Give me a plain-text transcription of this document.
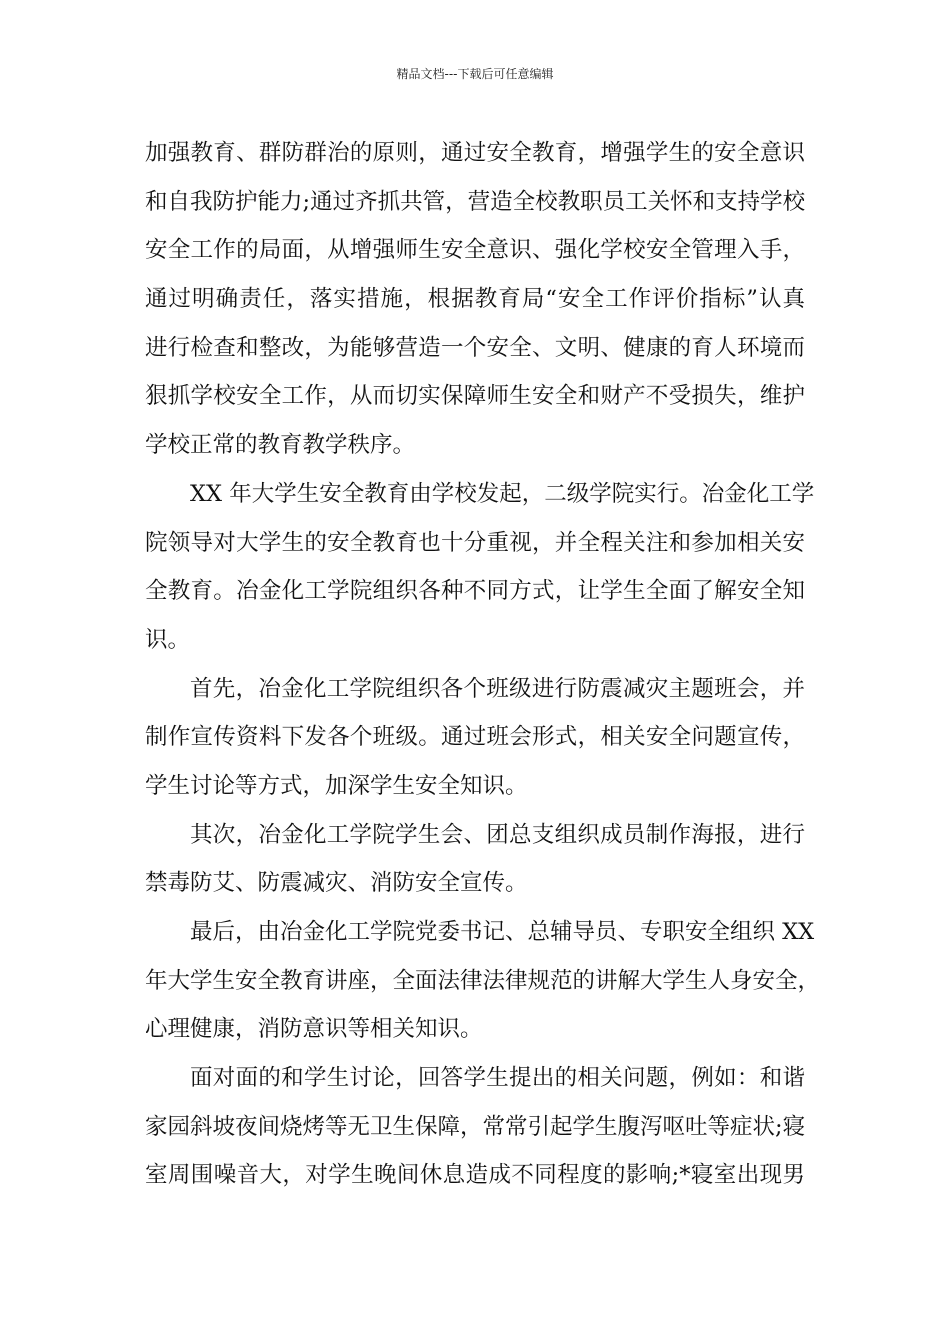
精品文档---下载后可任意编辑
加强教育、群防群治的原则，通过安全教育，增强学生的安全意识
和自我防护能力;通过齐抓共管，营造全校教职员工关怀和支持学校
安全工作的局面，从增强师生安全意识、强化学校安全管理入手，
通过明确责任，落实措施，根据教育局“安全工作评价指标”认真
进行检查和整改，为能够营造一个安全、文明、健康的育人环境而
狠抓学校安全工作，从而切实保障师生安全和财产不受损失，维护
学校正常的教育教学秩序。
XX 年大学生安全教育由学校发起，二级学院实行。冶金化工学
院领导对大学生的安全教育也十分重视，并全程关注和参加相关安
全教育。冶金化工学院组织各种不同方式，让学生全面了解安全知
识。
首先，冶金化工学院组织各个班级进行防震减灾主题班会，并
制作宣传资料下发各个班级。通过班会形式，相关安全问题宣传，
学生讨论等方式，加深学生安全知识。
其次，冶金化工学院学生会、团总支组织成员制作海报，进行
禁毒防艾、防震减灾、消防安全宣传。
最后，由冶金化工学院党委书记、总辅导员、专职安全组织 XX
年大学生安全教育讲座，全面法律法律规范的讲解大学生人身安全，
心理健康，消防意识等相关知识。
面对面的和学生讨论，回答学生提出的相关问题，例如：和谐
家园斜坡夜间烧烤等无卫生保障，常常引起学生腹泻呕吐等症状;寝
室周围噪音大，对学生晚间休息造成不同程度的影响;*寝室出现男
